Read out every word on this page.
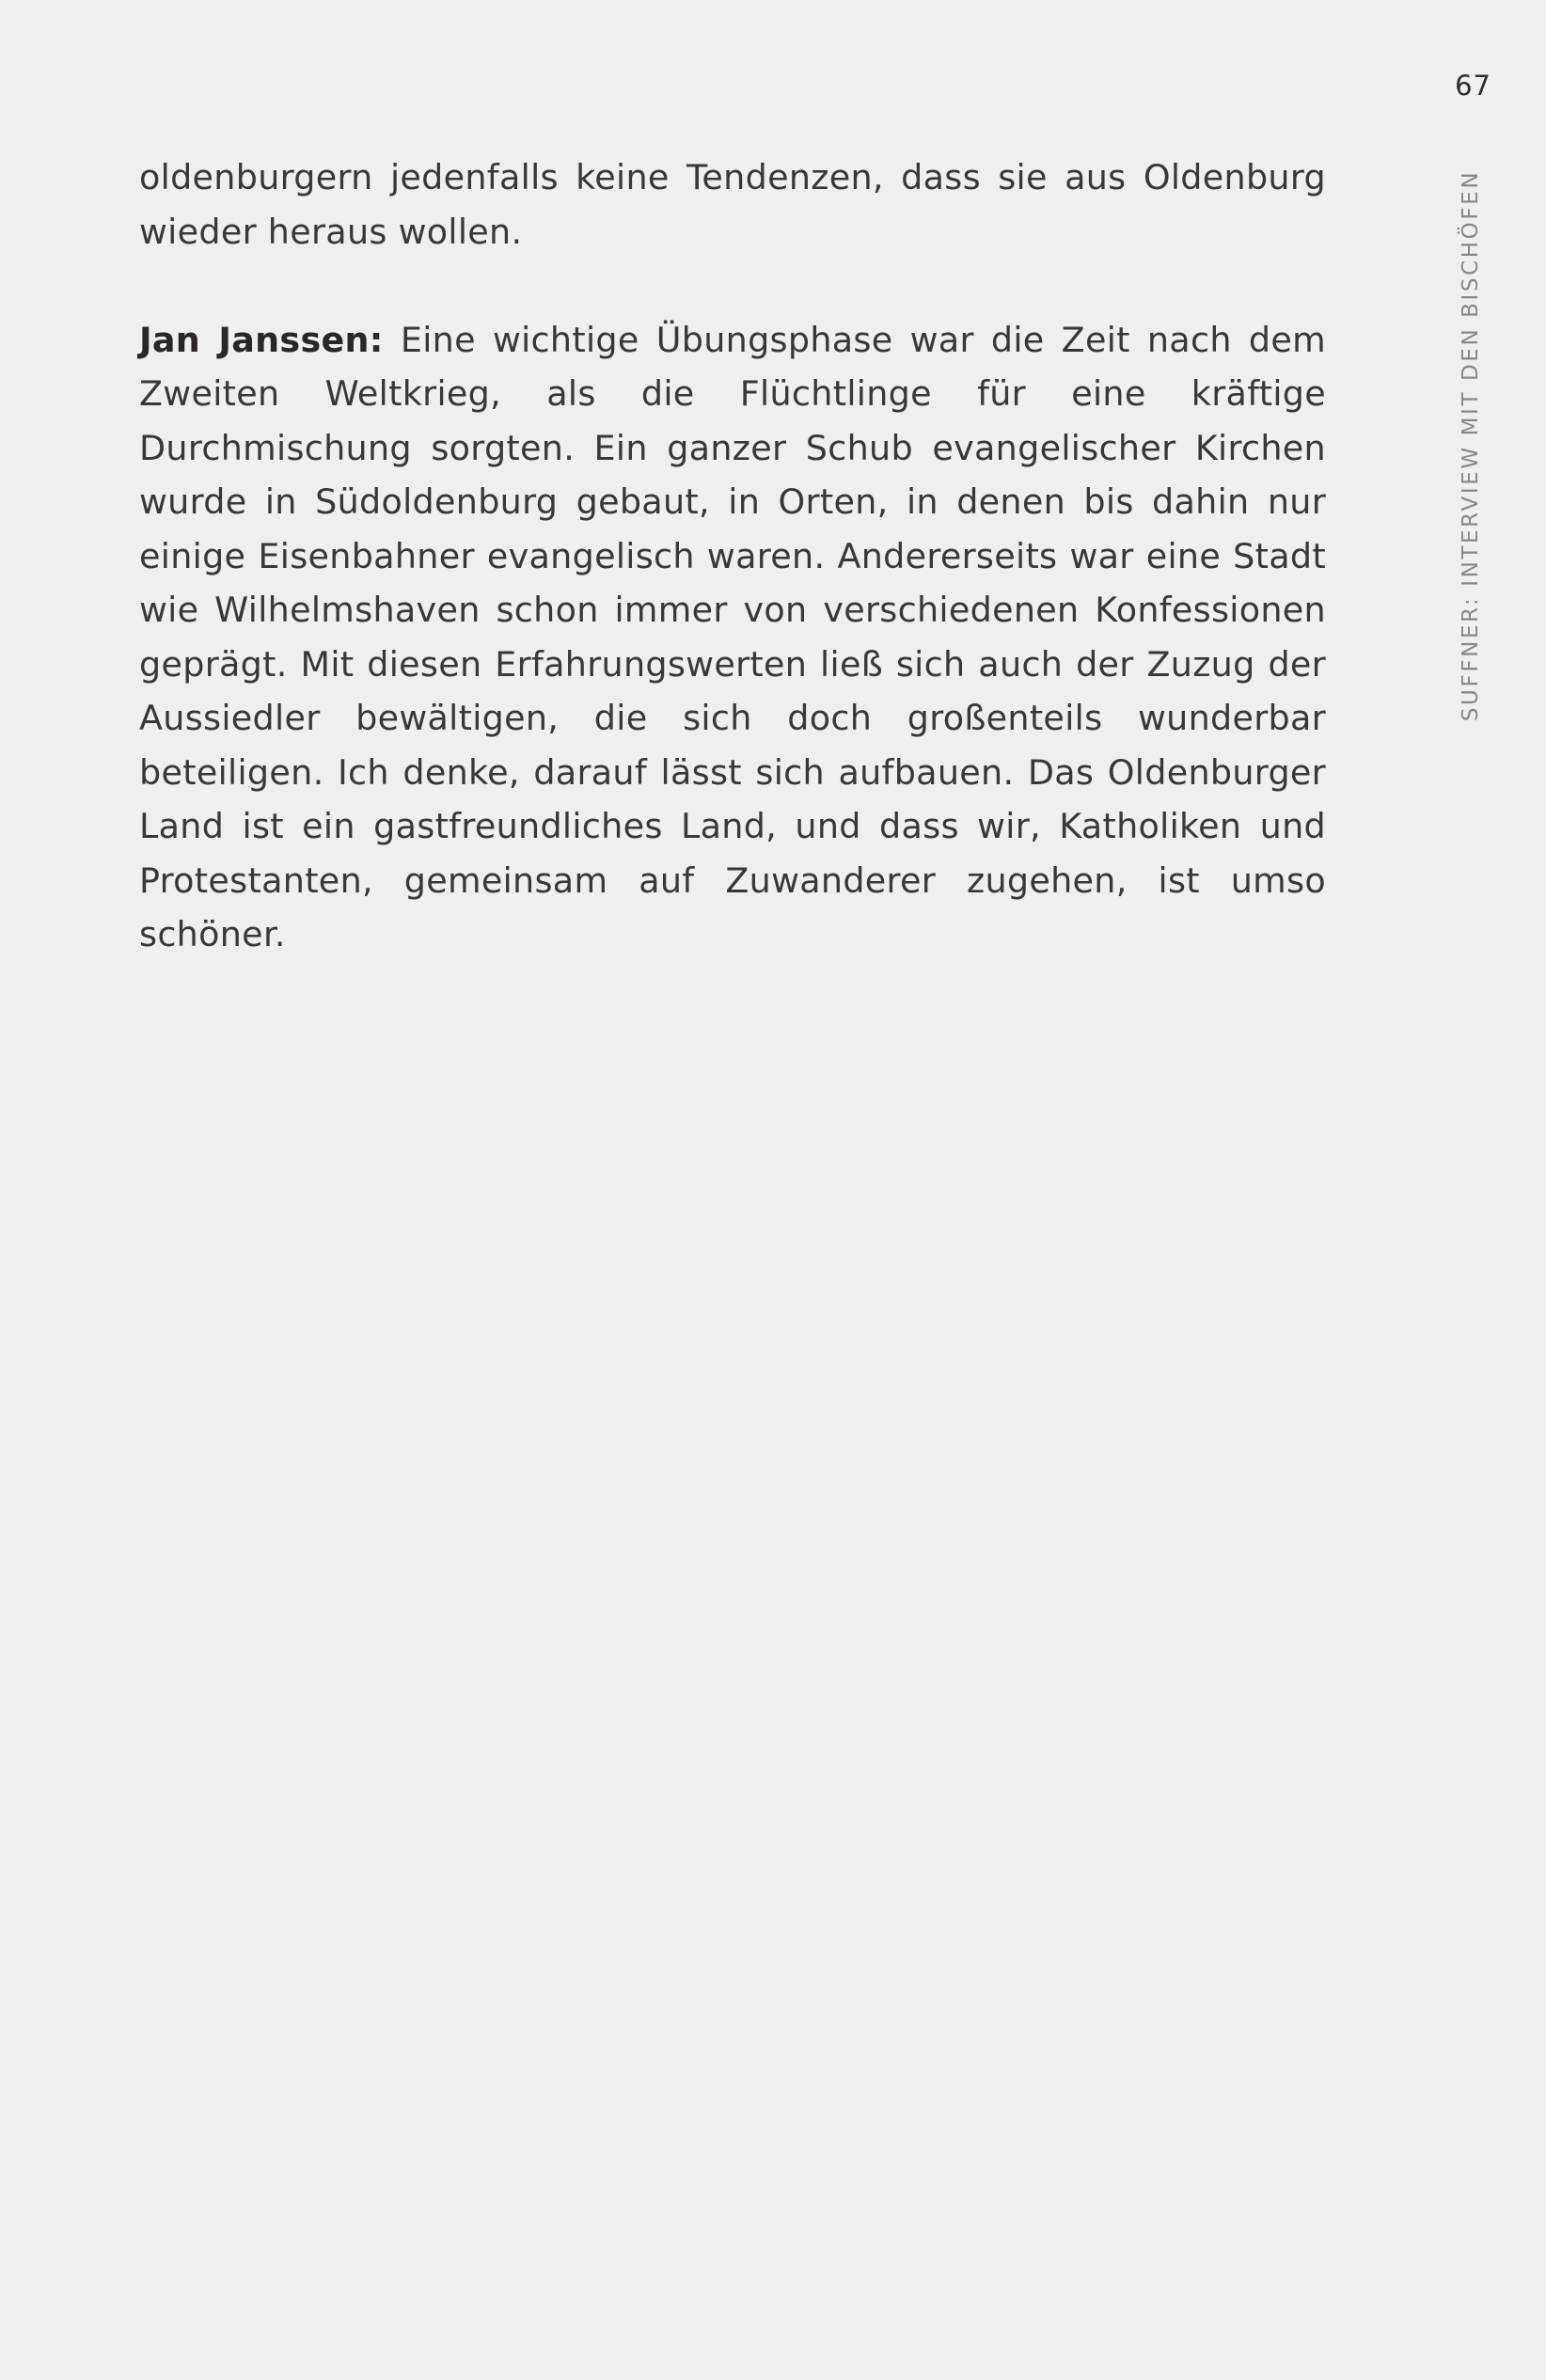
67
SUFFNER: INTERVIEW MIT DEN BISCHÖFEN

oldenburgern jedenfalls keine Tendenzen, dass sie aus Oldenburg wieder heraus wollen.

Jan Janssen: Eine wichtige Übungsphase war die Zeit nach dem Zweiten Weltkrieg, als die Flüchtlinge für eine kräftige Durchmischung sorgten. Ein ganzer Schub evangelischer Kirchen wurde in Südoldenburg gebaut, in Orten, in denen bis dahin nur einige Eisenbahner evangelisch waren. Andererseits war eine Stadt wie Wilhelmshaven schon immer von verschiedenen Konfessionen geprägt. Mit diesen Erfahrungswerten ließ sich auch der Zuzug der Aussiedler bewältigen, die sich doch großenteils wunderbar beteiligen. Ich denke, darauf lässt sich aufbauen. Das Oldenburger Land ist ein gastfreundliches Land, und dass wir, Katholiken und Protestanten, gemeinsam auf Zuwanderer zugehen, ist umso schöner.
